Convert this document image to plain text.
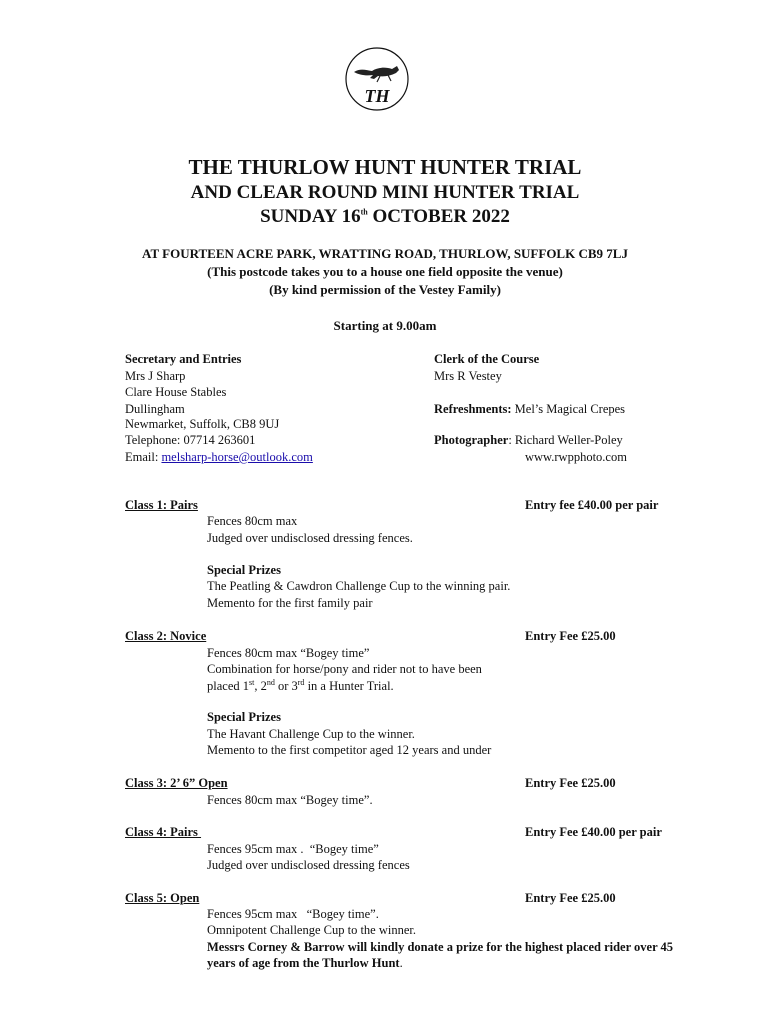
TH
THE THURLOW HUNT HUNTER TRIAL
AND CLEAR ROUND MINI HUNTER TRIAL
SUNDAY 16th OCTOBER 2022
AT FOURTEEN ACRE PARK, WRATTING ROAD, THURLOW, SUFFOLK CB9 7LJ
(This postcode takes you to a house one field opposite the venue)
(By kind permission of the Vestey Family)
Starting at 9.00am
Secretary and Entries
Mrs J Sharp
Clare House Stables
Dullingham
Newmarket, Suffolk, CB8 9UJ
Telephone: 07714 263601
Email: melsharp-horse@outlook.com
Clerk of the Course
Mrs R Vestey
Refreshments: Mel’s Magical Crepes
Photographer: Richard Weller-Poley
www.rwpphoto.com
Class 1: Pairs	Entry fee £40.00 per pair
Fences 80cm max
Judged over undisclosed dressing fences.
Special Prizes
The Peatling & Cawdron Challenge Cup to the winning pair.
Memento for the first family pair
Class 2: Novice	Entry Fee £25.00
Fences 80cm max “Bogey time”
Combination for horse/pony and rider not to have been
placed 1st, 2nd or 3rd in a Hunter Trial.
Special Prizes
The Havant Challenge Cup to the winner.
Memento to the first competitor aged 12 years and under
Class 3: 2’ 6” Open	Entry Fee £25.00
Fences 80cm max “Bogey time”.
Class 4: Pairs	Entry Fee £40.00 per pair
Fences 95cm max .  “Bogey time”
Judged over undisclosed dressing fences
Class 5: Open	Entry Fee £25.00
Fences 95cm max   “Bogey time”.
Omnipotent Challenge Cup to the winner.
Messrs Corney & Barrow will kindly donate a prize for the highest placed rider over 45
years of age from the Thurlow Hunt.
